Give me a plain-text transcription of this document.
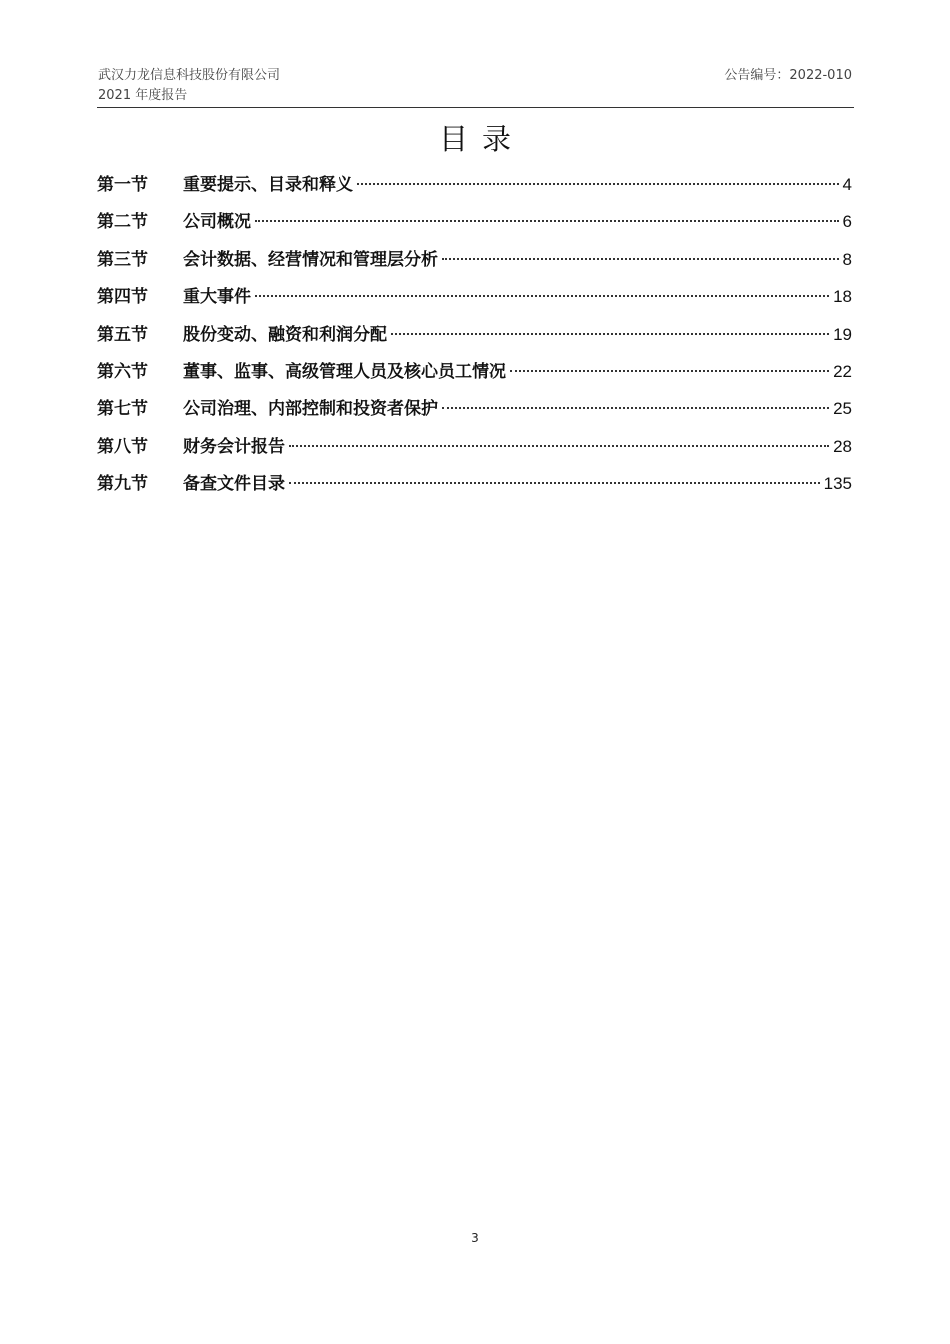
武汉力龙信息科技股份有限公司
2021 年度报告
公告编号：2022-010
目录
第一节	重要提示、目录和释义	4
第二节	公司概况	6
第三节	会计数据、经营情况和管理层分析	8
第四节	重大事件	18
第五节	股份变动、融资和利润分配	19
第六节	董事、监事、高级管理人员及核心员工情况	22
第七节	公司治理、内部控制和投资者保护	25
第八节	财务会计报告	28
第九节	备查文件目录	135
3
